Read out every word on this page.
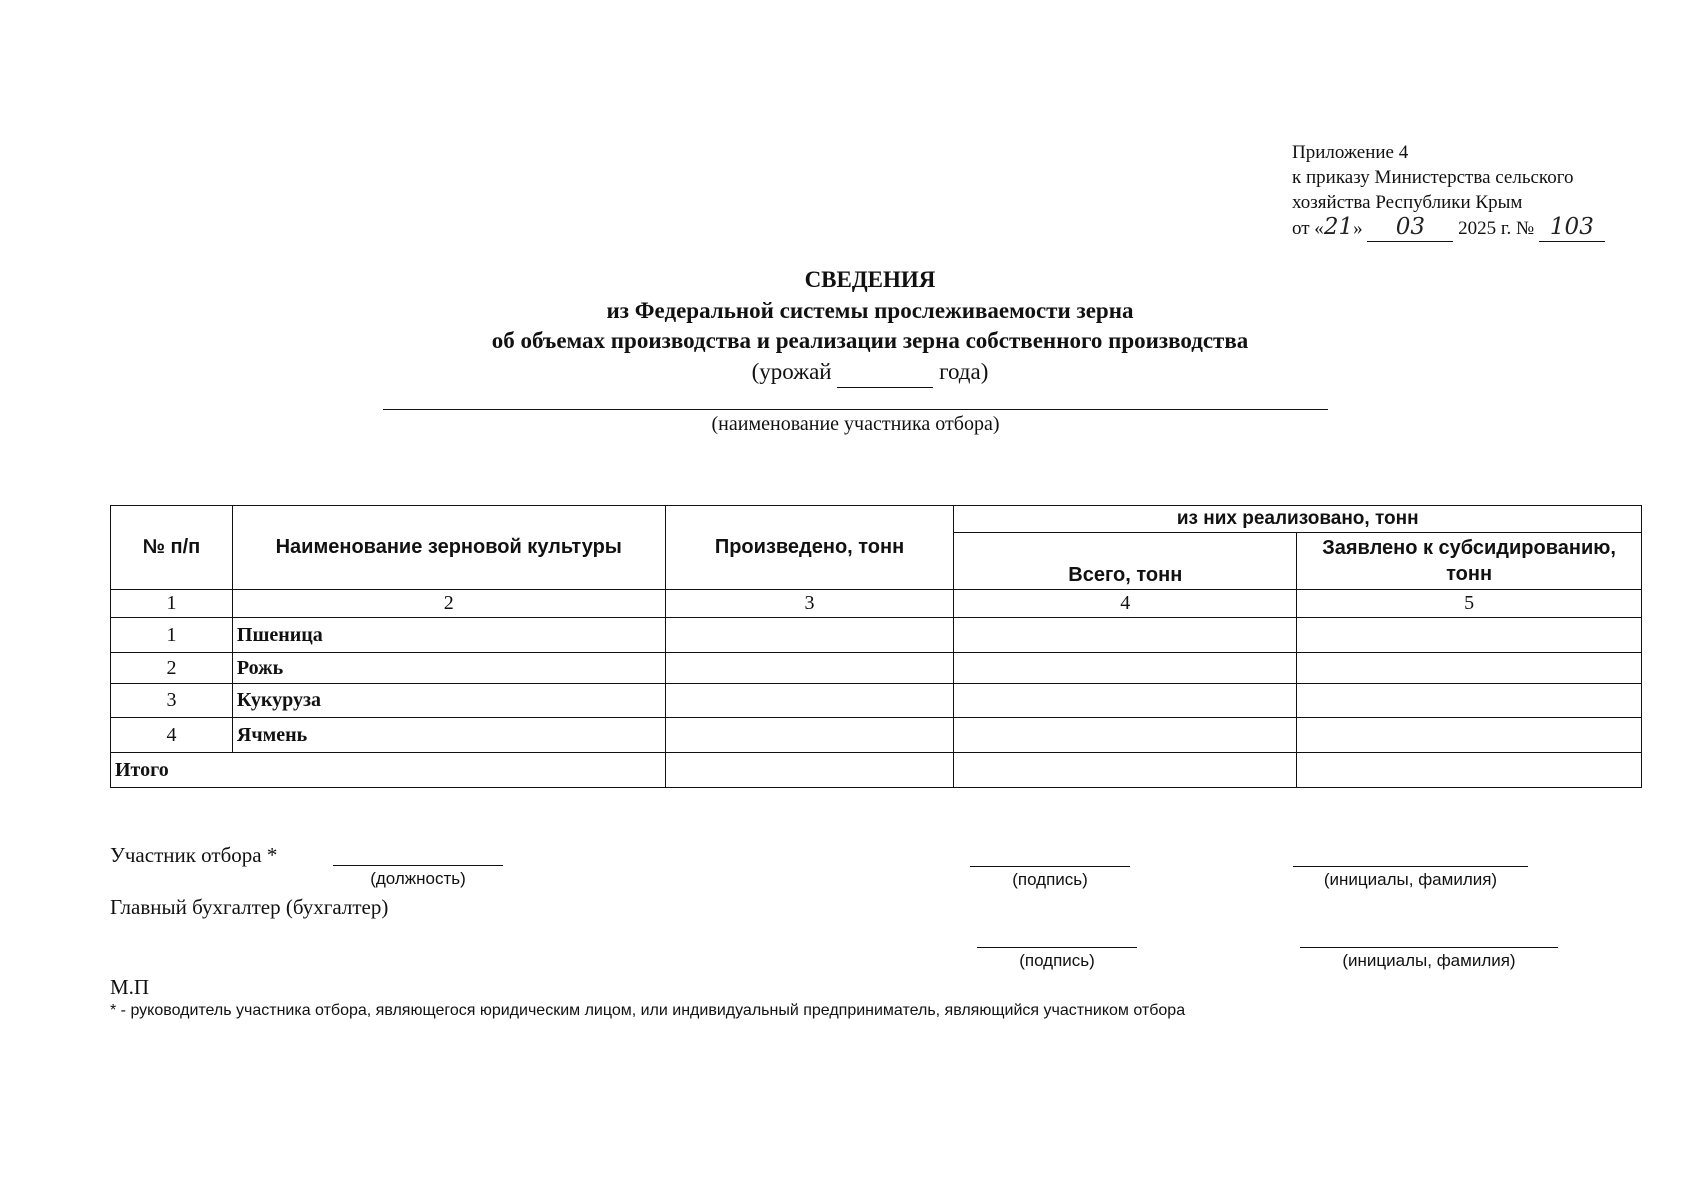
Приложение 4
к приказу Министерства сельского
хозяйства Республики Крым
от «21» 03 2025 г. № 103
СВЕДЕНИЯ
из Федеральной системы прослеживаемости зерна
об объемах производства и реализации зерна собственного производства
(урожай	года)
(наименование участника отбора)
№ п/п	Наименование зерновой культуры	Произведено, тонн	из них реализовано, тонн	
			Всего, тонн	Заявлено к субсидированию, тонн
1	2	3	4	5
1	Пшеница			
2	Рожь			
3	Кукуруза			
4	Ячмень			
Итого				
Участник отбора *
(должность)	(подпись)	(инициалы, фамилия)
Главный бухгалтер (бухгалтер)
(подпись)	(инициалы, фамилия)
М.П
* - руководитель участника отбора, являющегося юридическим лицом, или индивидуальный предприниматель, являющийся участником отбора
